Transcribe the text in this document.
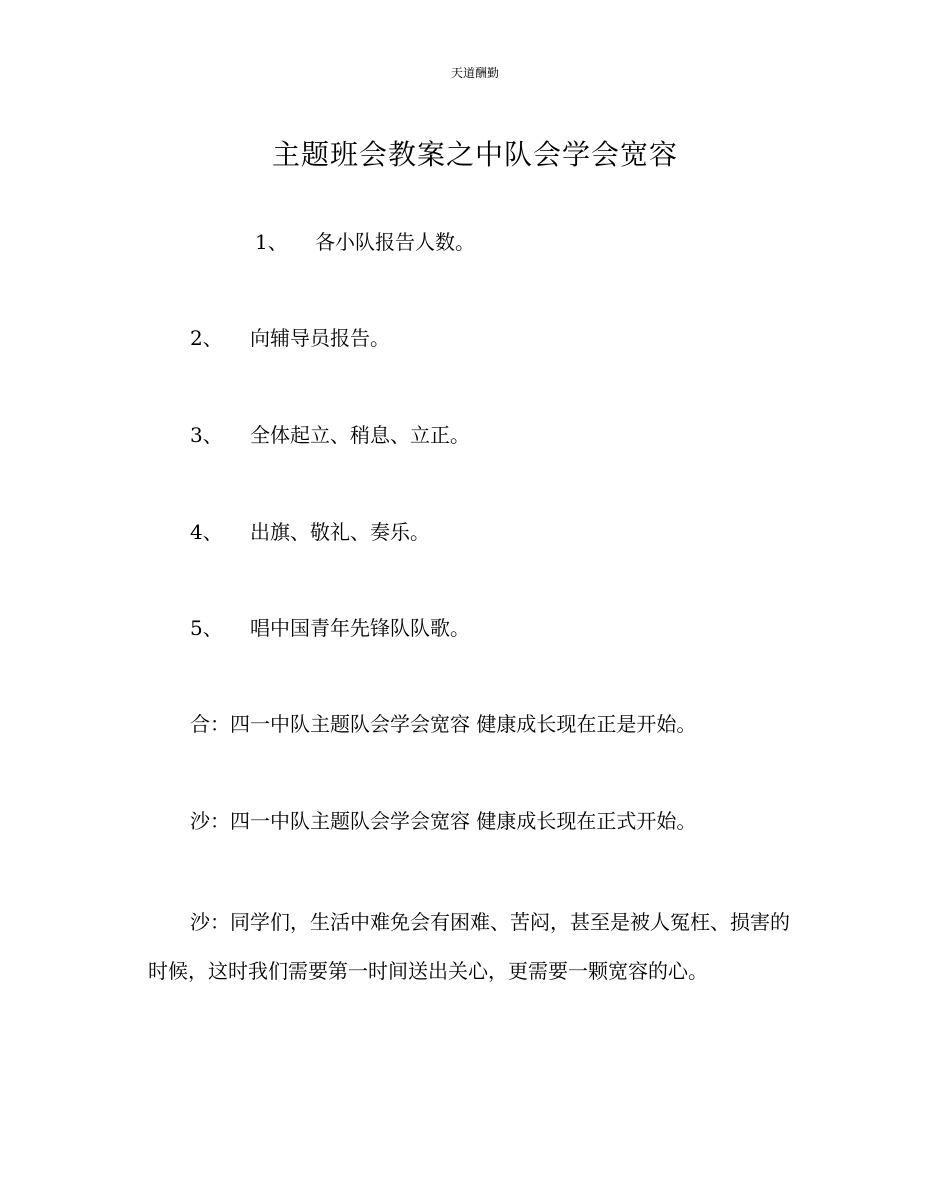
天道酬勤
主题班会教案之中队会学会宽容
1、 各小队报告人数。
2、 向辅导员报告。
3、 全体起立、稍息、立正。
4、 出旗、敬礼、奏乐。
5、 唱中国青年先锋队队歌。
合：四一中队主题队会学会宽容 健康成长现在正是开始。
沙：四一中队主题队会学会宽容 健康成长现在正式开始。
沙：同学们，生活中难免会有困难、苦闷，甚至是被人冤枉、损害的时候，这时我们需要第一时间送出关心，更需要一颗宽容的心。
